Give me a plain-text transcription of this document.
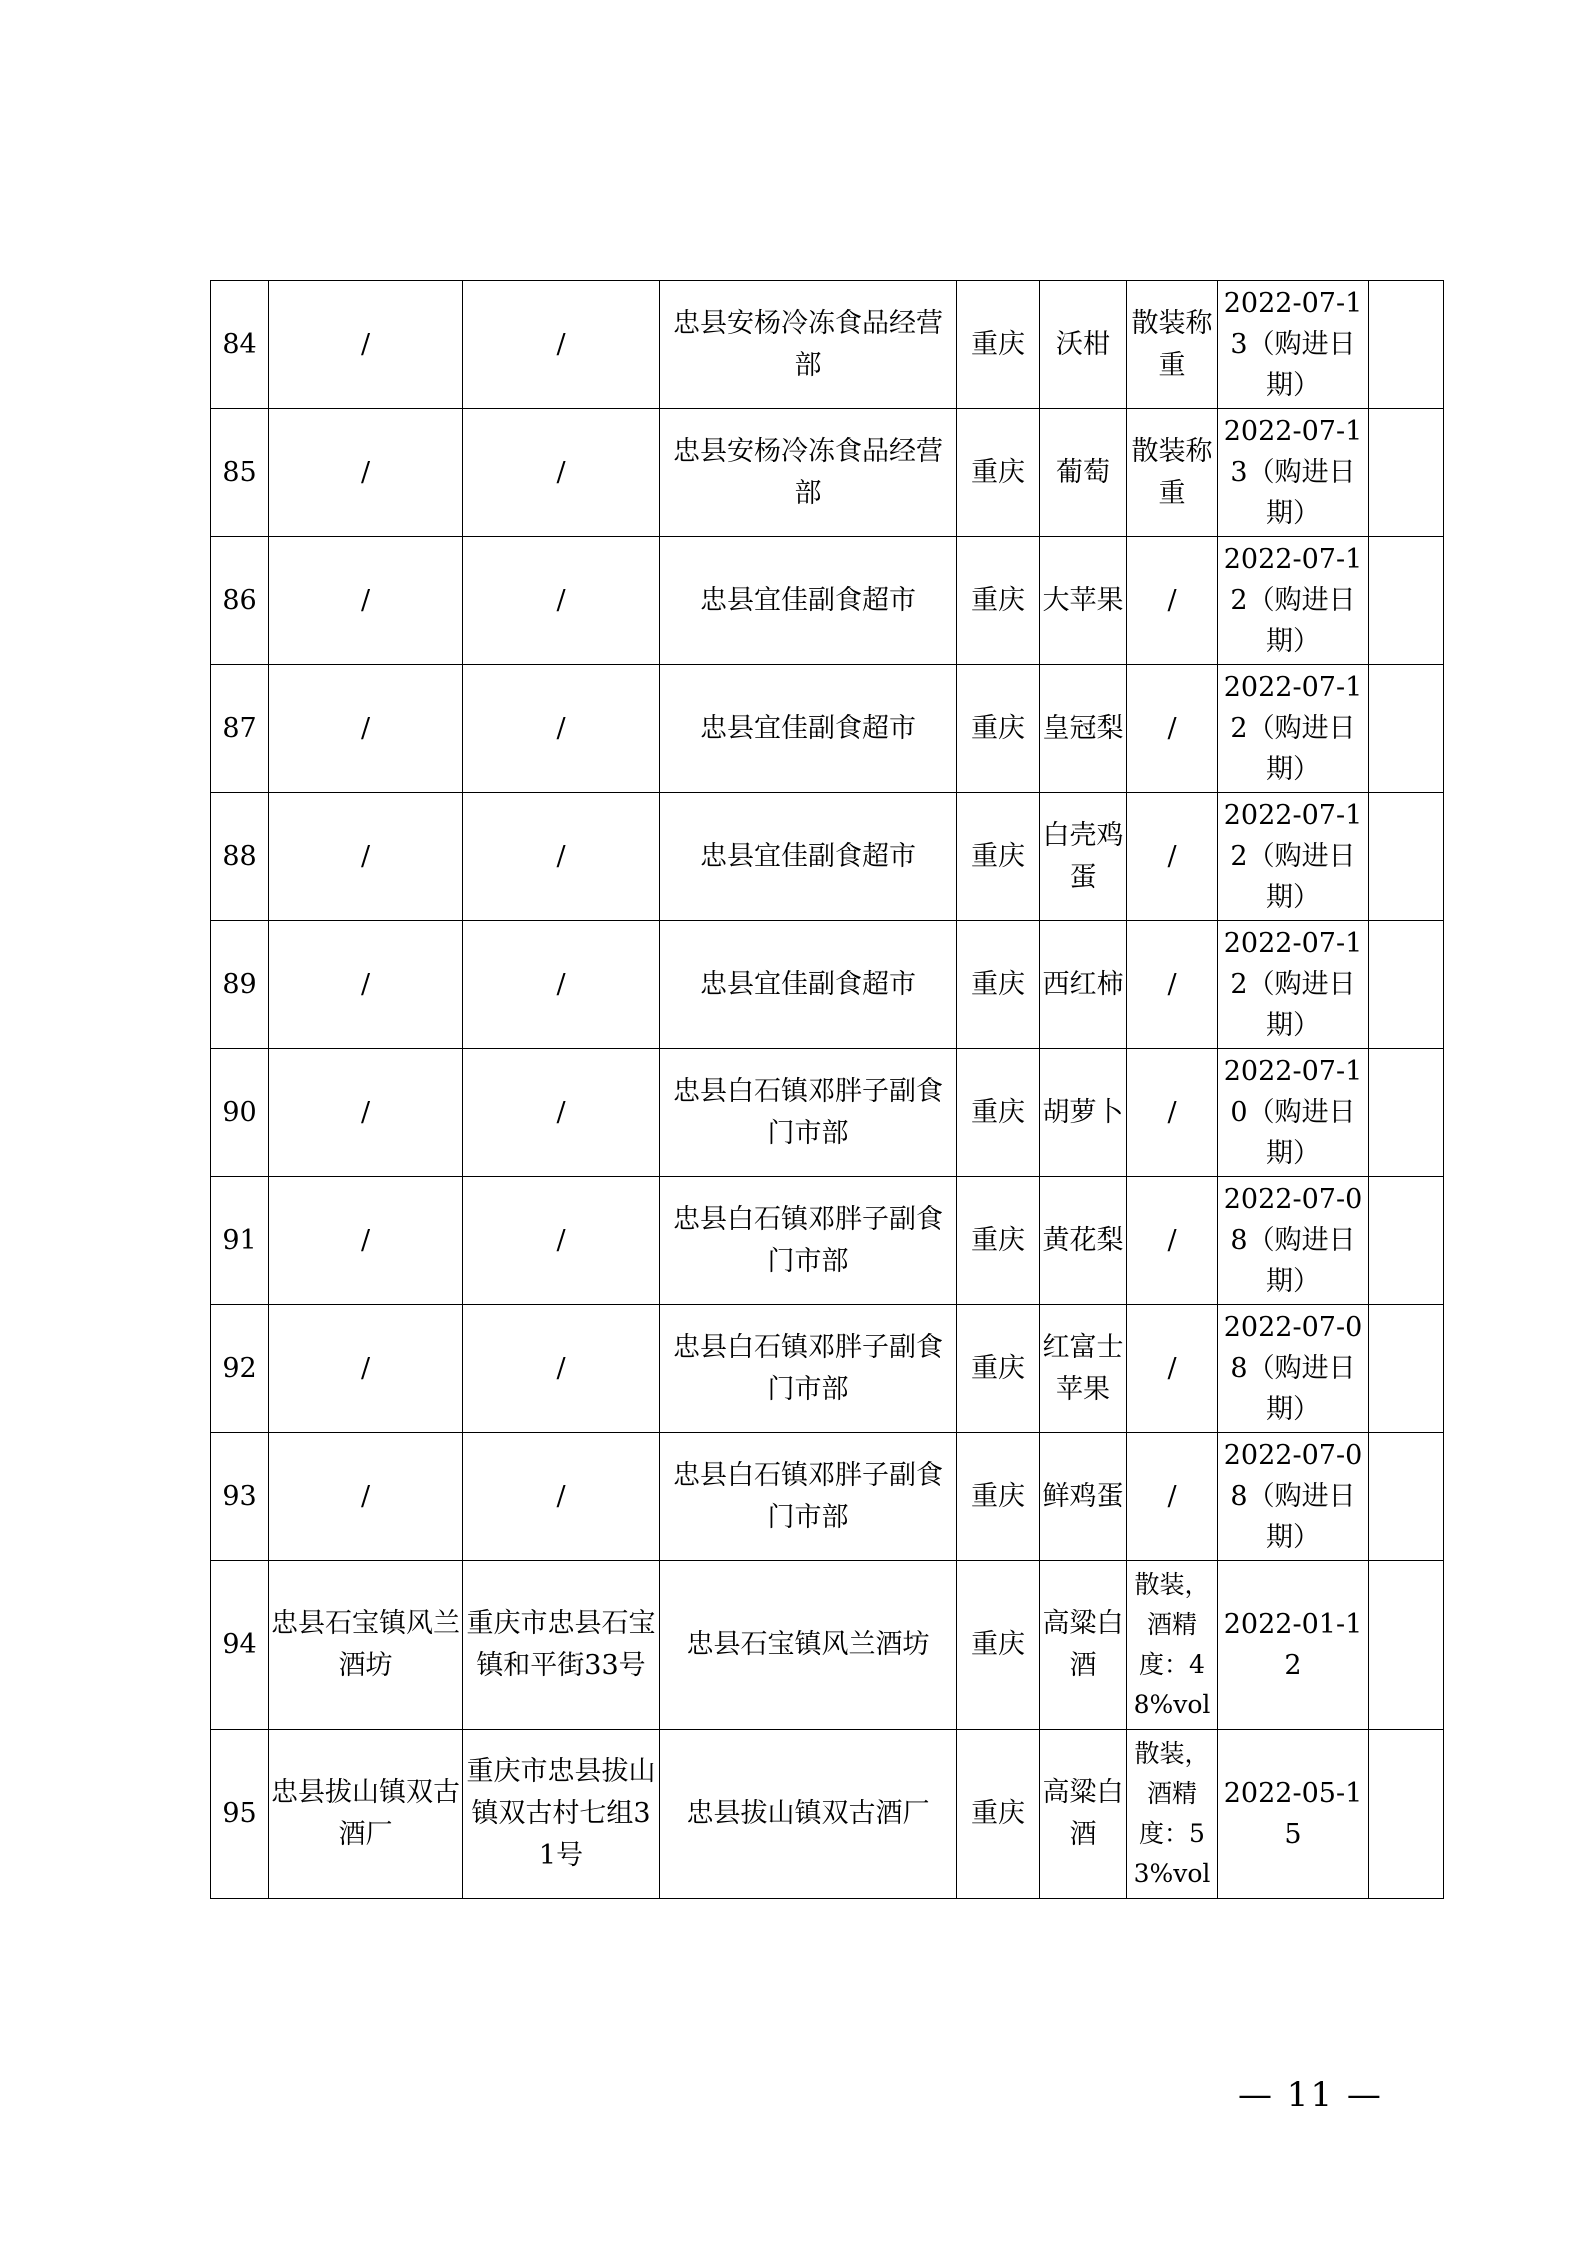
84	/	/	忠县安杨冷冻食品经营部	重庆	沃柑	散装称重	2022-07-13（购进日期）	
85	/	/	忠县安杨冷冻食品经营部	重庆	葡萄	散装称重	2022-07-13（购进日期）	
86	/	/	忠县宜佳副食超市	重庆	大苹果	/	2022-07-12（购进日期）	
87	/	/	忠县宜佳副食超市	重庆	皇冠梨	/	2022-07-12（购进日期）	
88	/	/	忠县宜佳副食超市	重庆	白壳鸡蛋	/	2022-07-12（购进日期）	
89	/	/	忠县宜佳副食超市	重庆	西红柿	/	2022-07-12（购进日期）	
90	/	/	忠县白石镇邓胖子副食门市部	重庆	胡萝卜	/	2022-07-10（购进日期）	
91	/	/	忠县白石镇邓胖子副食门市部	重庆	黄花梨	/	2022-07-08（购进日期）	
92	/	/	忠县白石镇邓胖子副食门市部	重庆	红富士苹果	/	2022-07-08（购进日期）	
93	/	/	忠县白石镇邓胖子副食门市部	重庆	鲜鸡蛋	/	2022-07-08（购进日期）	
94	忠县石宝镇风兰酒坊	重庆市忠县石宝镇和平街33号	忠县石宝镇风兰酒坊	重庆	高粱白酒	散装，酒精度：48%vol	2022-01-12	
95	忠县拔山镇双古酒厂	重庆市忠县拔山镇双古村七组31号	忠县拔山镇双古酒厂	重庆	高粱白酒	散装，酒精度：53%vol	2022-05-15	
— 11 —
